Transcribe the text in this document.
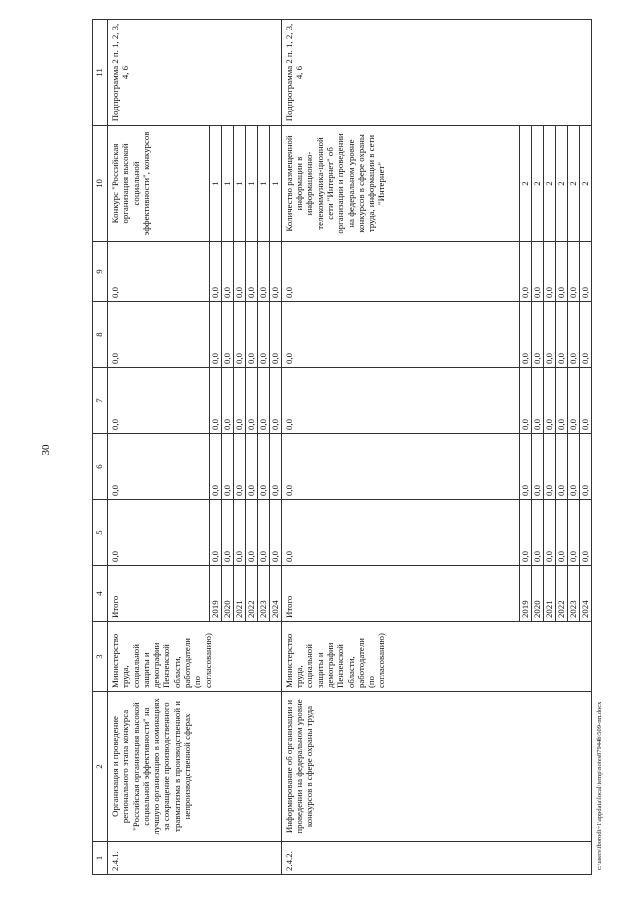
30
c:\users\iborodi~1\appdata\local\temp\notes87944b\509-пп.docx
1	2	3	4	5	6	7	8	9	10	11
2.4.1.	Организация и проведение регионального этапа конкурса "Российская организация высокой социальной эффективности" на лучшую организацию в номинациях за сокращение производственного травматизма в производственной и непроизводственной сферах	Министерство труда, социальной защиты и демографии Пензенской области, работодатели (по согласованию)	Итого	0,0	0,0	0,0	0,0	0,0	Конкурс "Российская организация высокой социальной эффективности", конкурсов	Подпрограмма 2 п. 1, 2, 3, 4, 6
			2019	0,0	0,0	0,0	0,0	0,0	1	
			2020	0,0	0,0	0,0	0,0	0,0	1	
			2021	0,0	0,0	0,0	0,0	0,0	1	
			2022	0,0	0,0	0,0	0,0	0,0	1	
			2023	0,0	0,0	0,0	0,0	0,0	1	
			2024	0,0	0,0	0,0	0,0	0,0	1	
2.4.2.	Информирование об организации и проведении на федеральном уровне конкурсов в сфере охраны труда	Министерство труда, социальной защиты и демографии Пензенской области, работодатели (по согласованию)	Итого	0,0	0,0	0,0	0,0	0,0	Количество размещенной информации в информационно-телекоммуника-ционной сети "Интернет" об организации и проведении на федеральном уровне конкурсов в сфере охраны труда, информации в сети "Интернет"	Подпрограмма 2 п. 1, 2, 3, 4, 6
			2019	0,0	0,0	0,0	0,0	0,0	2	
			2020	0,0	0,0	0,0	0,0	0,0	2	
			2021	0,0	0,0	0,0	0,0	0,0	2	
			2022	0,0	0,0	0,0	0,0	0,0	2	
			2023	0,0	0,0	0,0	0,0	0,0	2	
			2024	0,0	0,0	0,0	0,0	0,0	2	
